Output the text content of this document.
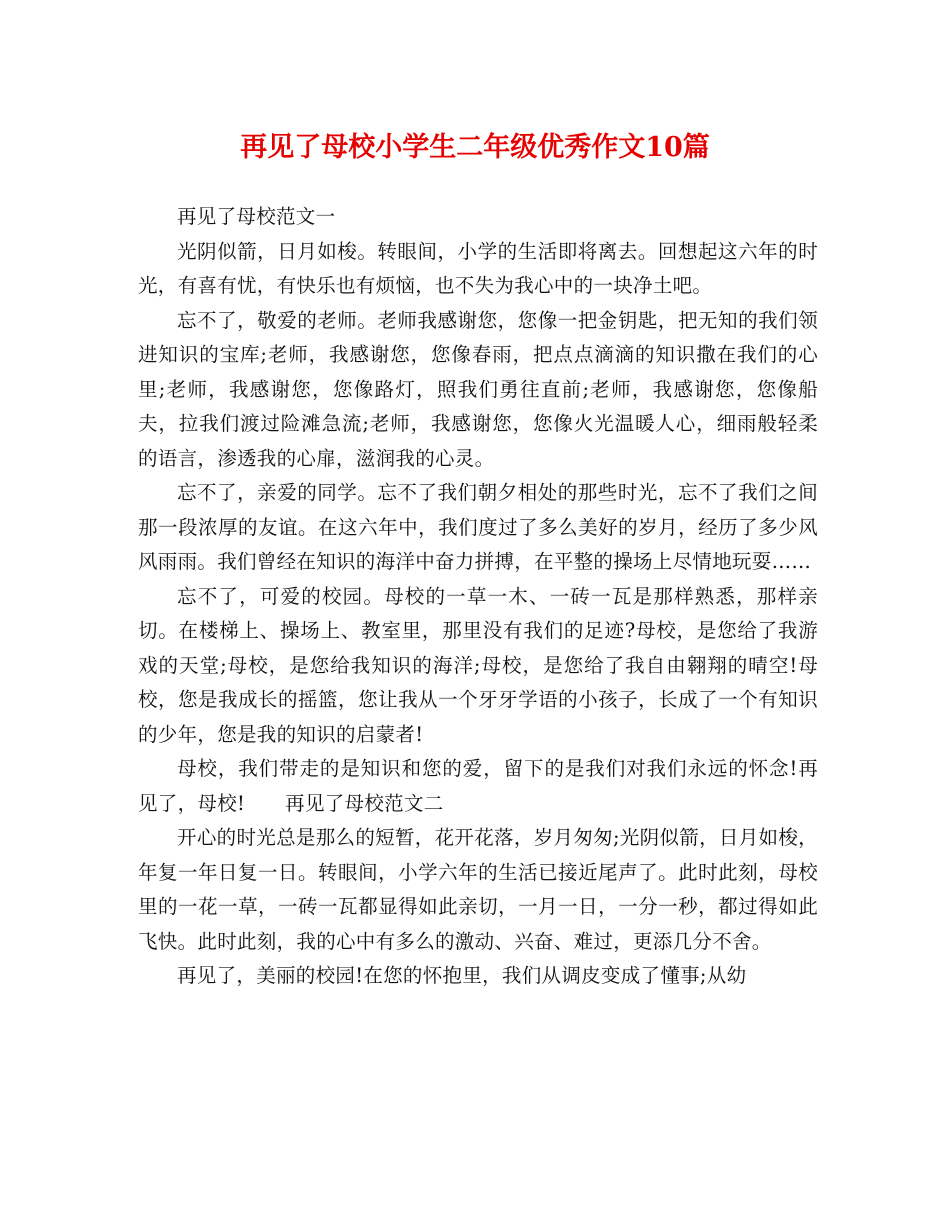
再见了母校小学生二年级优秀作文10篇

再见了母校范文一

光阴似箭，日月如梭。转眼间，小学的生活即将离去。回想起这六年的时光，有喜有忧，有快乐也有烦恼，也不失为我心中的一块净土吧。

忘不了，敬爱的老师。老师我感谢您，您像一把金钥匙，把无知的我们领进知识的宝库;老师，我感谢您，您像春雨，把点点滴滴的知识撒在我们的心里;老师，我感谢您，您像路灯，照我们勇往直前;老师，我感谢您，您像船夫，拉我们渡过险滩急流;老师，我感谢您，您像火光温暖人心，细雨般轻柔的语言，渗透我的心扉，滋润我的心灵。

忘不了，亲爱的同学。忘不了我们朝夕相处的那些时光，忘不了我们之间那一段浓厚的友谊。在这六年中，我们度过了多么美好的岁月，经历了多少风风雨雨。我们曾经在知识的海洋中奋力拼搏，在平整的操场上尽情地玩耍……

忘不了，可爱的校园。母校的一草一木、一砖一瓦是那样熟悉，那样亲切。在楼梯上、操场上、教室里，那里没有我们的足迹?母校，是您给了我游戏的天堂;母校，是您给我知识的海洋;母校，是您给了我自由翱翔的晴空!母校，您是我成长的摇篮，您让我从一个牙牙学语的小孩子，长成了一个有知识的少年，您是我的知识的启蒙者!

母校，我们带走的是知识和您的爱，留下的是我们对我们永远的怀念!再见了，母校! 再见了母校范文二

开心的时光总是那么的短暂，花开花落，岁月匆匆;光阴似箭，日月如梭，年复一年日复一日。转眼间，小学六年的生活已接近尾声了。此时此刻，母校里的一花一草，一砖一瓦都显得如此亲切，一月一日，一分一秒，都过得如此飞快。此时此刻，我的心中有多么的激动、兴奋、难过，更添几分不舍。

再见了，美丽的校园!在您的怀抱里，我们从调皮变成了懂事;从幼
